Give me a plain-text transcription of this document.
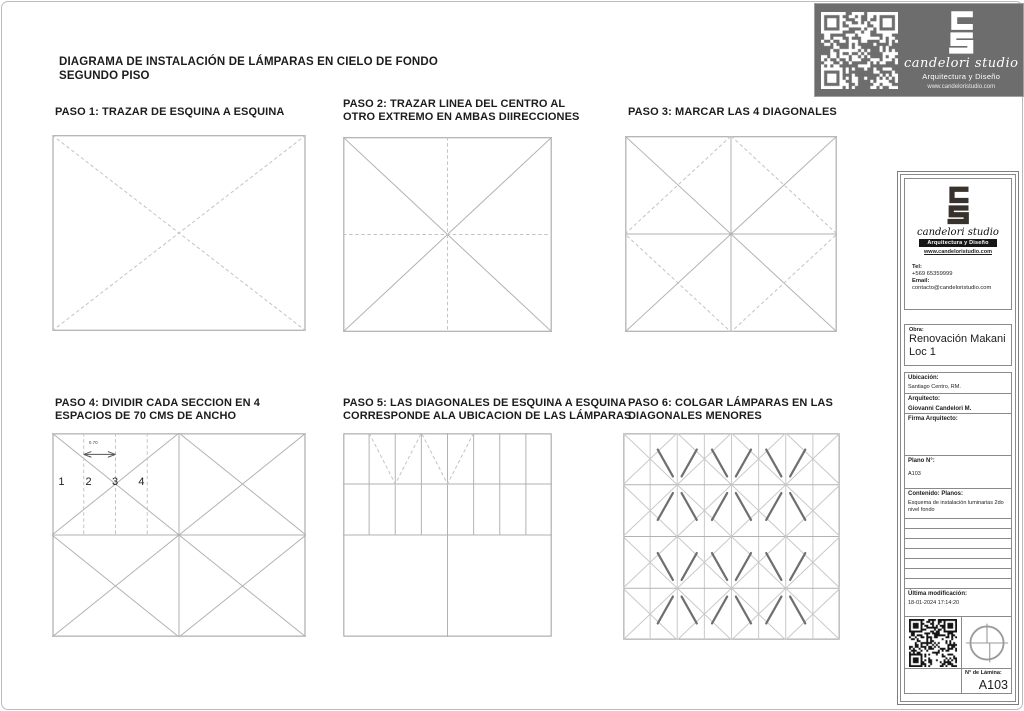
DIAGRAMA DE INSTALACIÓN DE LÁMPARAS EN CIELO DE FONDO
SEGUNDO PISO
candelori studio
Arquitectura y Diseño
www.candeloristudio.com
PASO 1: TRAZAR DE ESQUINA A ESQUINA
PASO 2: TRAZAR LINEA DEL CENTRO AL
OTRO EXTREMO EN AMBAS DIIRECCIONES	PASO 3: MARCAR LAS 4 DIAGONALES
PASO 4: DIVIDIR CADA SECCION EN 4
ESPACIOS DE 70 CMS DE ANCHO
PASO 5: LAS DIAGONALES DE ESQUINA A ESQUINA
CORRESPONDE ALA UBICACION DE LAS LÁMPARAS
PASO 6: COLGAR LÁMPARAS EN LAS
DIAGONALES MENORES
0.70
1 2 3 4
candelori studio
Arquitectura y Diseño
www.candeloristudio.com
Tel:
+569 65359999
Email:
contacto@candeloristudio.com
Obra:
Renovación Makani
Loc 1
Ubicación:
Santiago Centro, RM.
Arquitecto:
Giovanni Candelori M.
Firma Arquitecto:
Plano N°:
A103
Contenido: Planos:
Esquema de instalación luminarias 2do nivel fondo
Última modificación:
18-01-2024 17:14:20
N° de Lámina:
A103
